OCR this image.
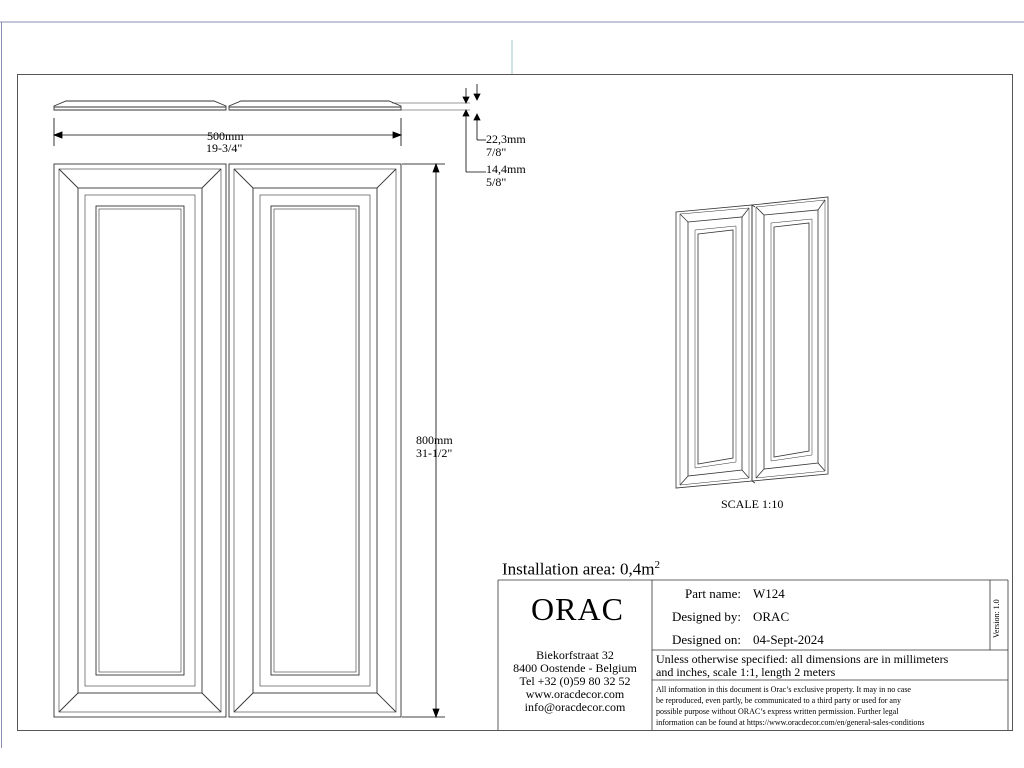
500mm
19-3/4"
800mm
31-1/2"
22,3mm
7/8"
14,4mm
5/8"
SCALE 1:10
Installation area: $0,4m^2$
ORAC
Biekorfstraat 32
8400 Oostende - Belgium
Tel +32 (0)59 80 32 52
www.oracdecor.com
info@oracdecor.com
Part name: W124
Designed by: ORAC
Designed on: 04-Sept-2024
Version: 1.0
Unless otherwise specified: all dimensions are in millimeters
and inches, scale 1:1, length 2 meters
All information in this document is Orac’s exclusive property. It may in no case
be reproduced, even partly, be communicated to a third party or used for any
possible purpose without ORAC’s express written permission. Further legal
information can be found at https://www.oracdecor.com/en/general-sales-conditions
